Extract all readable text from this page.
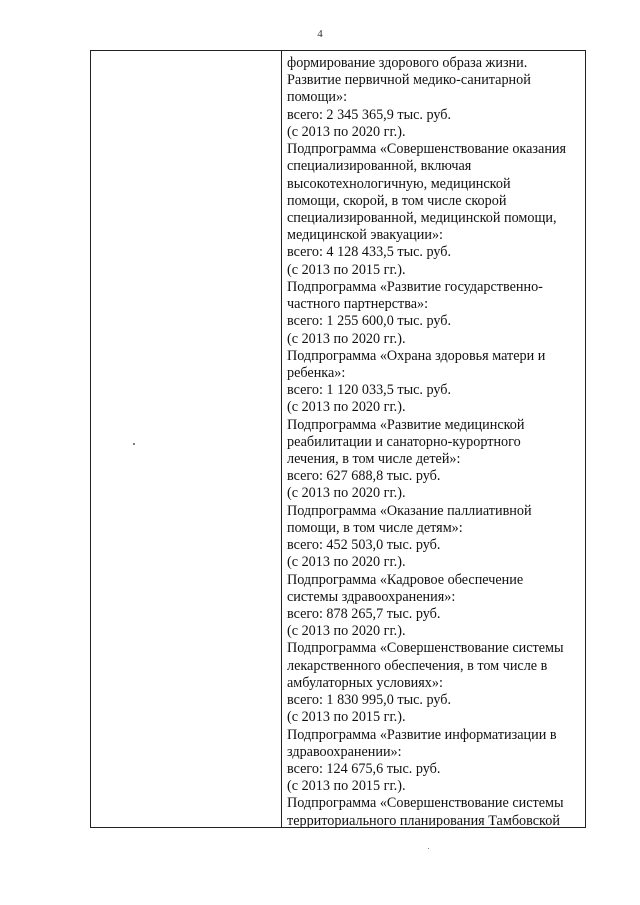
4
формирование здорового образа жизни.
Развитие первичной медико-санитарной
помощи»:
всего: 2 345 365,9 тыс. руб.
(с 2013 по 2020 гг.).
Подпрограмма «Совершенствование оказания
специализированной, включая
высокотехнологичную, медицинской
помощи, скорой, в том числе скорой
специализированной, медицинской помощи,
медицинской эвакуации»:
всего: 4 128 433,5 тыс. руб.
(с 2013 по 2015 гг.).
Подпрограмма «Развитие государственно-
частного партнерства»:
всего: 1 255 600,0 тыс. руб.
(с 2013 по 2020 гг.).
Подпрограмма «Охрана здоровья матери и
ребенка»:
всего: 1 120 033,5 тыс. руб.
(с 2013 по 2020 гг.).
Подпрограмма «Развитие медицинской
реабилитации и санаторно-курортного
лечения, в том числе детей»:
всего: 627 688,8 тыс. руб.
(с 2013 по 2020 гг.).
Подпрограмма «Оказание паллиативной
помощи, в том числе детям»:
всего: 452 503,0 тыс. руб.
(с 2013 по 2020 гг.).
Подпрограмма «Кадровое обеспечение
системы здравоохранения»:
всего: 878 265,7 тыс. руб.
(с 2013 по 2020 гг.).
Подпрограмма «Совершенствование системы
лекарственного обеспечения, в том числе в
амбулаторных условиях»:
всего: 1 830 995,0 тыс. руб.
(с 2013 по 2015 гг.).
Подпрограмма «Развитие информатизации в
здравоохранении»:
всего: 124 675,6 тыс. руб.
(с 2013 по 2015 гг.).
Подпрограмма «Совершенствование системы
территориального планирования Тамбовской
